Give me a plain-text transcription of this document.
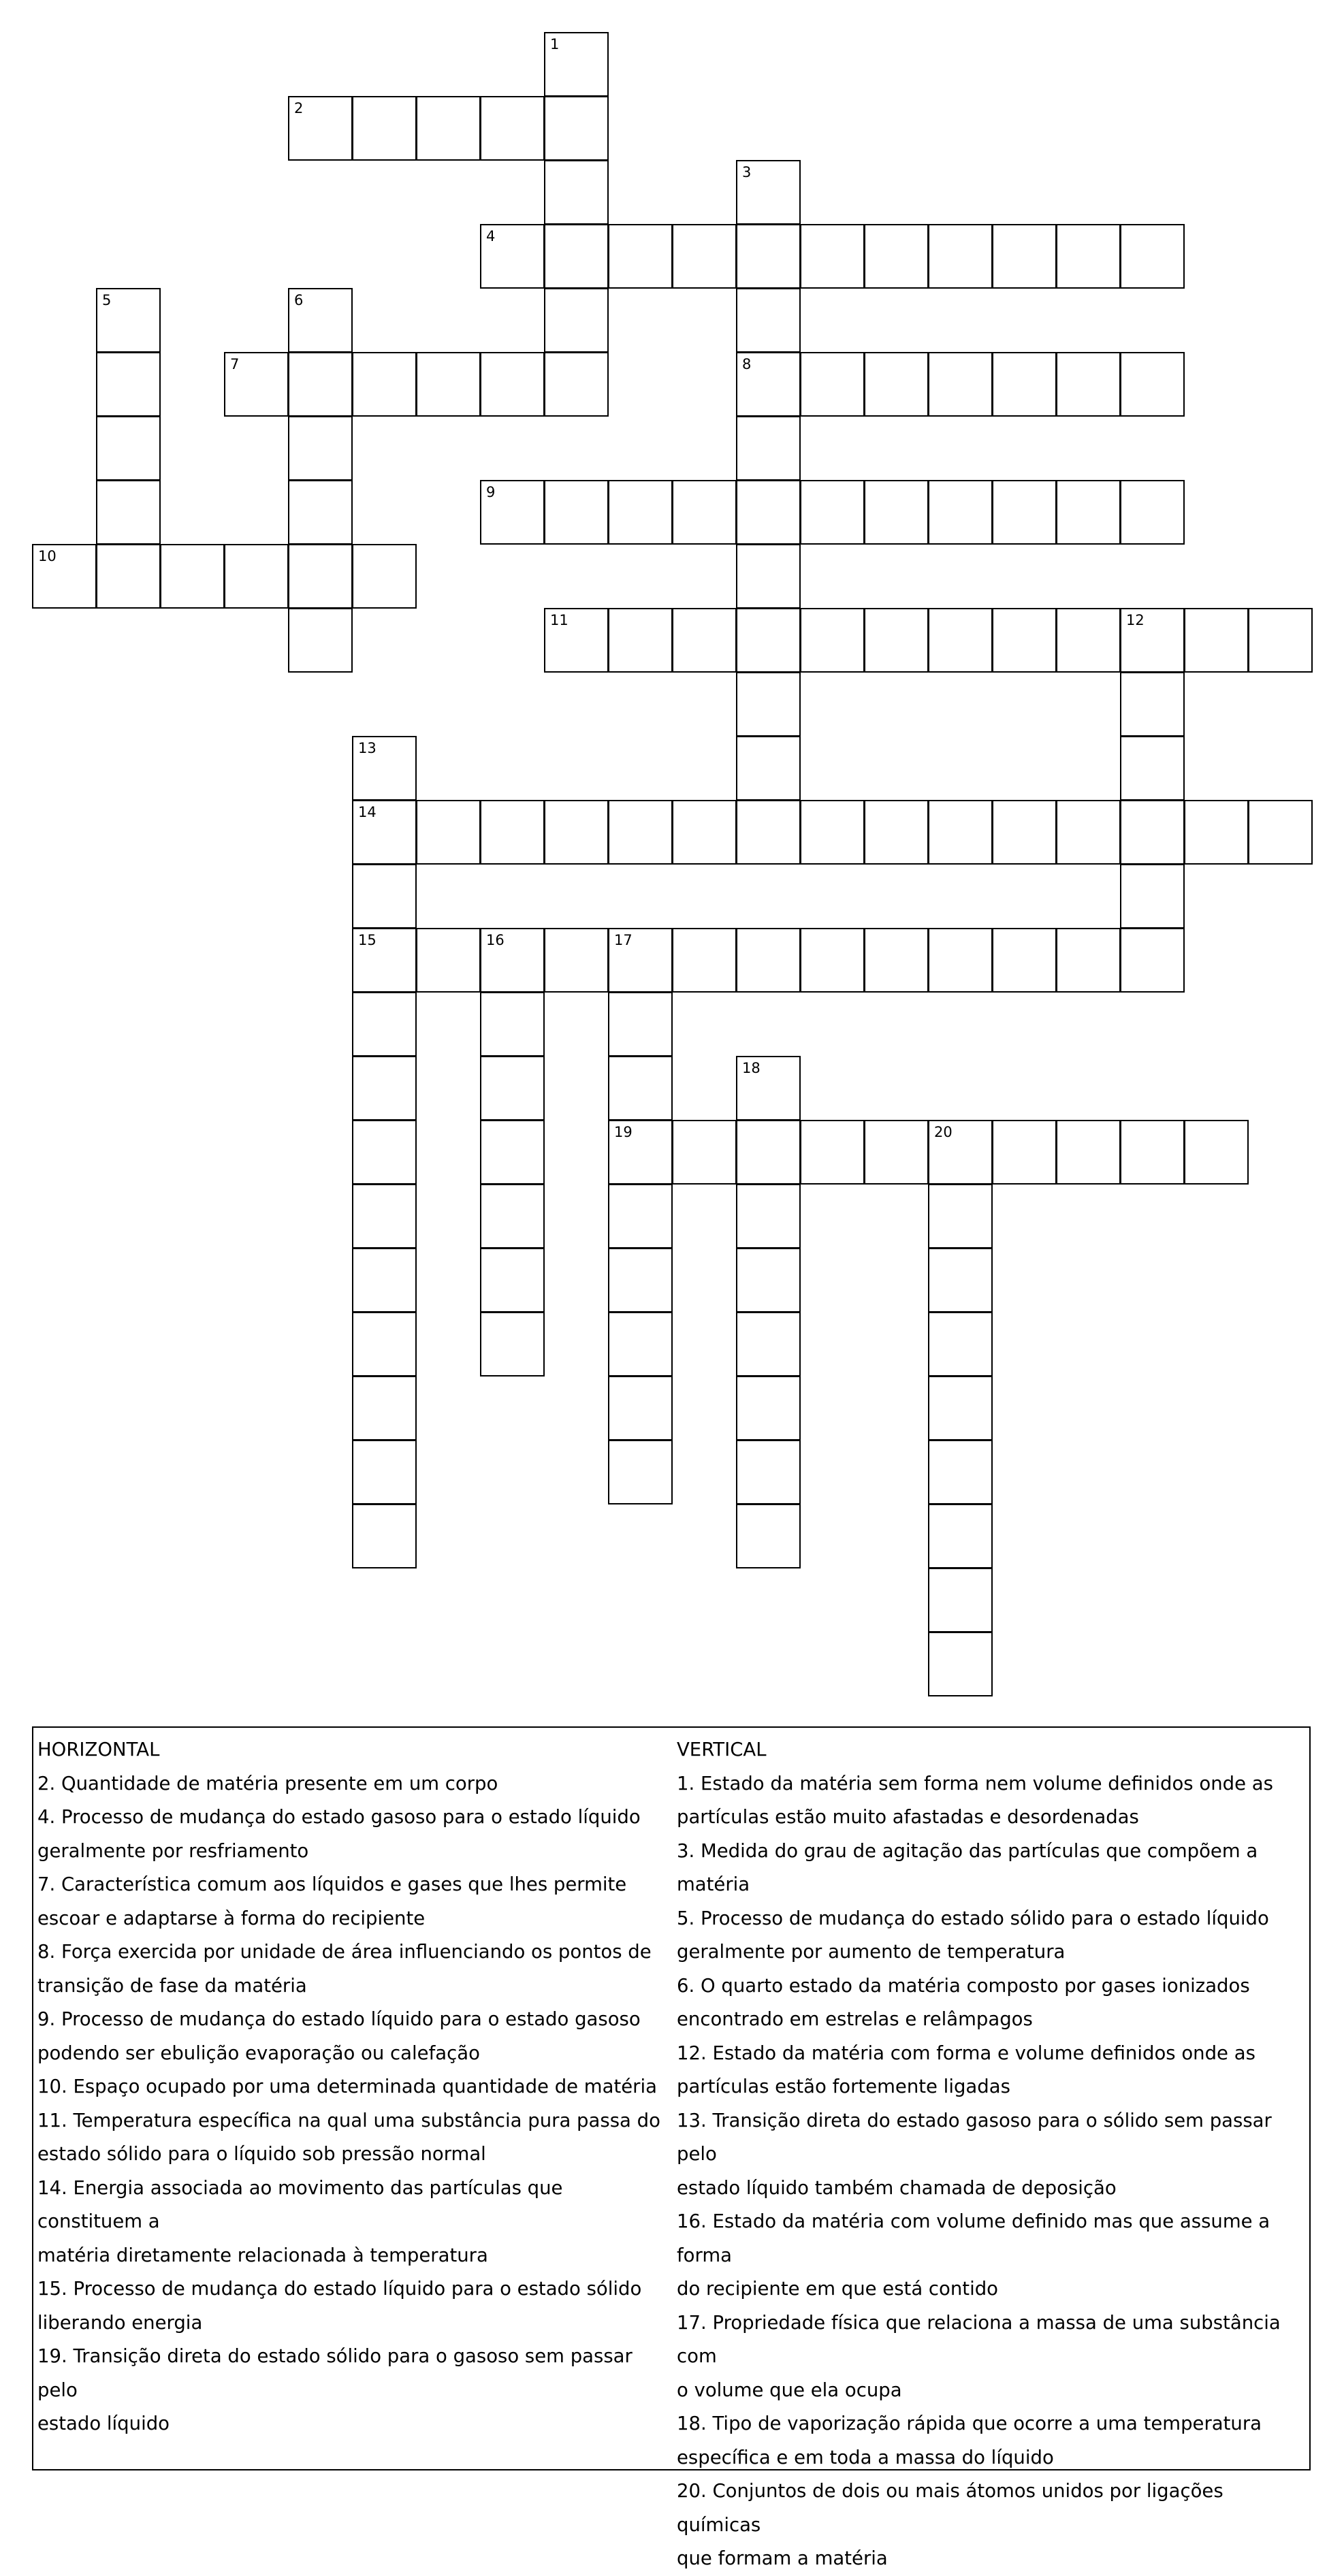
1
2
3
8
4
5	6
7
9
10
11	12
13
14
15	16	17
19
18
20

HORIZONTAL

2. Quantidade de matéria presente em um corpo

4. Processo de mudança do estado gasoso para o estado líquido

geralmente por resfriamento

7. Característica comum aos líquidos e gases que lhes permite

escoar e adaptarse à forma do recipiente

8. Força exercida por unidade de área influenciando os pontos de

transição de fase da matéria

9. Processo de mudança do estado líquido para o estado gasoso

podendo ser ebulição evaporação ou calefação

10. Espaço ocupado por uma determinada quantidade de matéria

11. Temperatura específica na qual uma substância pura passa do

estado sólido para o líquido sob pressão normal

14. Energia associada ao movimento das partículas que constituem a

matéria diretamente relacionada à temperatura

15. Processo de mudança do estado líquido para o estado sólido

liberando energia

19. Transição direta do estado sólido para o gasoso sem passar pelo

estado líquido

VERTICAL

1. Estado da matéria sem forma nem volume definidos onde as

partículas estão muito afastadas e desordenadas

3. Medida do grau de agitação das partículas que compõem a

matéria

5. Processo de mudança do estado sólido para o estado líquido

geralmente por aumento de temperatura

6. O quarto estado da matéria composto por gases ionizados

encontrado em estrelas e relâmpagos

12. Estado da matéria com forma e volume definidos onde as

partículas estão fortemente ligadas

13. Transição direta do estado gasoso para o sólido sem passar pelo

estado líquido também chamada de deposição

16. Estado da matéria com volume definido mas que assume a forma

do recipiente em que está contido

17. Propriedade física que relaciona a massa de uma substância com

o volume que ela ocupa

18. Tipo de vaporização rápida que ocorre a uma temperatura

específica e em toda a massa do líquido

20. Conjuntos de dois ou mais átomos unidos por ligações químicas

que formam a matéria
